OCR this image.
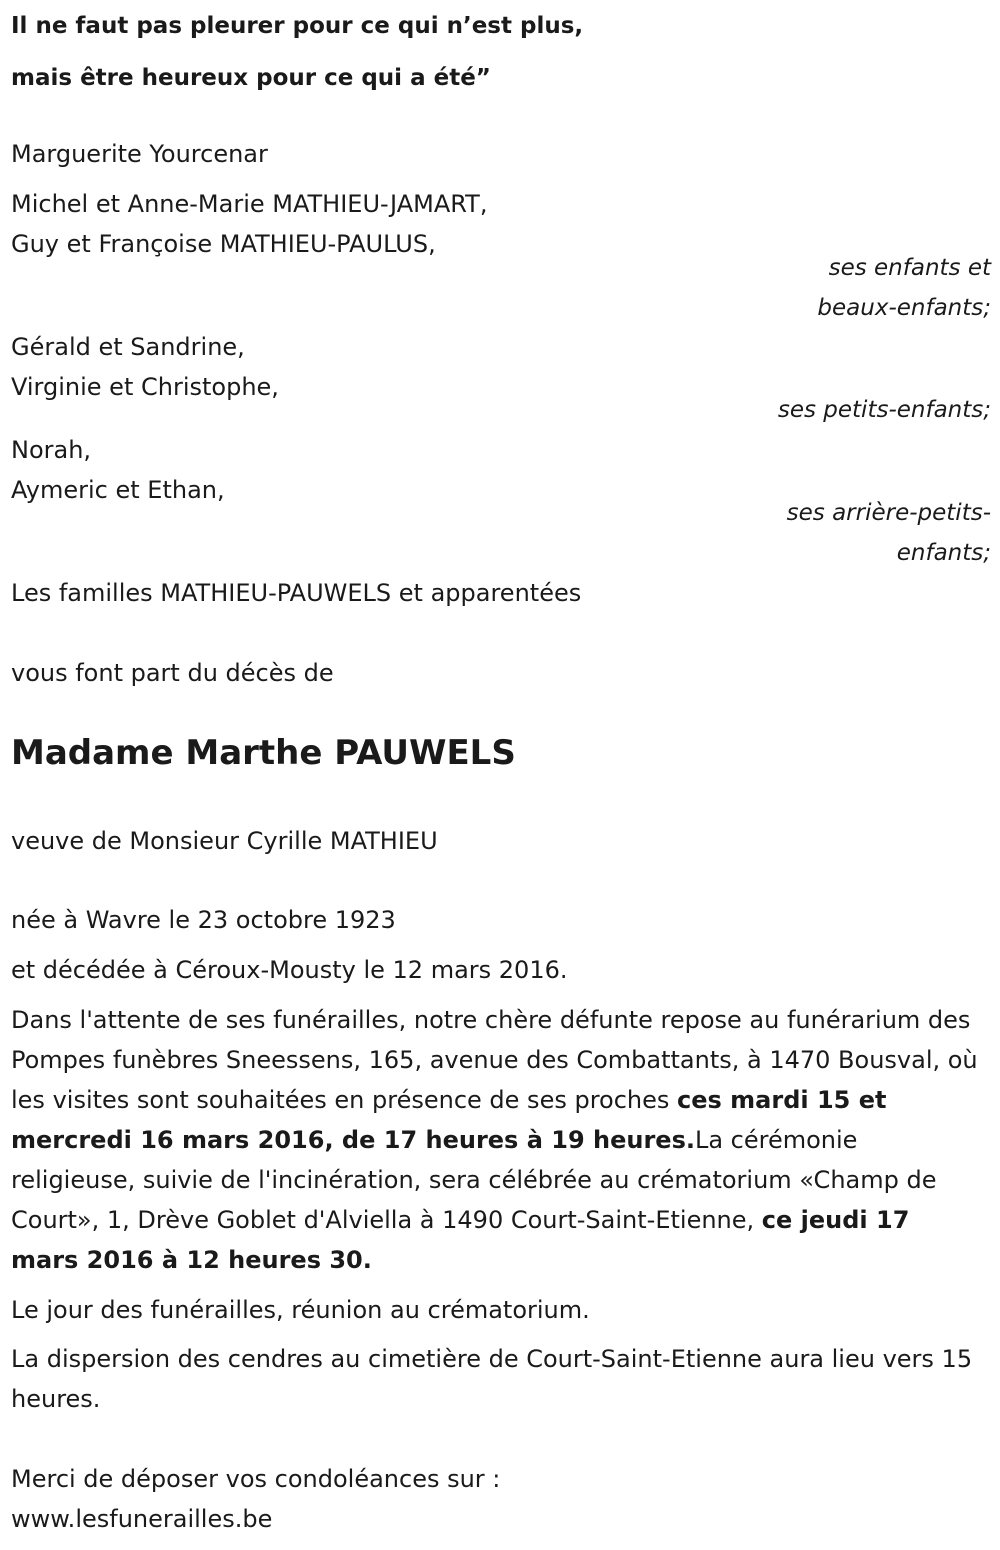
Il ne faut pas pleurer pour ce qui n’est plus,
mais être heureux pour ce qui a été”
Marguerite Yourcenar
Michel et Anne-Marie MATHIEU-JAMART,
Guy et Françoise MATHIEU-PAULUS,
ses enfants et
beaux-enfants;
Gérald et Sandrine,
Virginie et Christophe,
ses petits-enfants;
Norah,
Aymeric et Ethan,
ses arrière-petits-
enfants;
Les familles MATHIEU-PAUWELS et apparentées
vous font part du décès de
Madame Marthe PAUWELS
veuve de Monsieur Cyrille MATHIEU
née à Wavre le 23 octobre 1923
et décédée à Céroux-Mousty le 12 mars 2016.
Dans l'attente de ses funérailles, notre chère défunte repose au funérarium des Pompes funèbres Sneessens, 165, avenue des Combattants, à 1470 Bousval, où les visites sont souhaitées en présence de ses proches ces mardi 15 et mercredi 16 mars 2016, de 17 heures à 19 heures.La cérémonie religieuse, suivie de l'incinération, sera célébrée au crématorium «Champ de Court», 1, Drève Goblet d'Alviella à 1490 Court-Saint-Etienne, ce jeudi 17 mars 2016 à 12 heures 30.
Le jour des funérailles, réunion au crématorium.
La dispersion des cendres au cimetière de Court-Saint-Etienne aura lieu vers 15 heures.
Merci de déposer vos condoléances sur :
www.lesfunerailles.be
